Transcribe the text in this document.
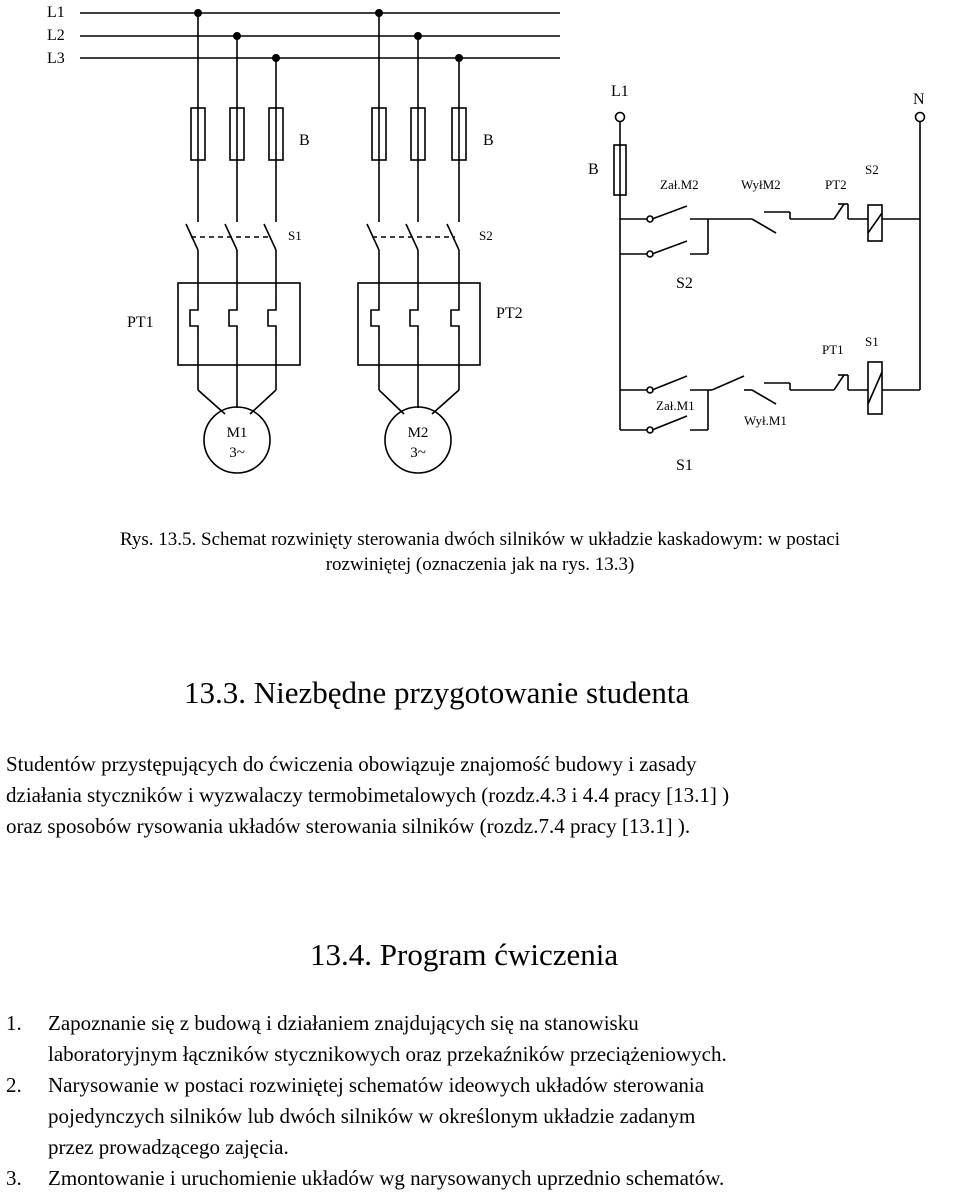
L1
L2
L3
B	B
S1	S2
PT1
PT2
M1
3~
M2
3~
L1	N
B
Zał.M2	WyłM2	PT2
S2
S2
PT1
S1
Zał.M1
Wył.M1
S1
Rys. 13.5. Schemat rozwinięty sterowania dwóch silników w układzie kaskadowym: w postaci
rozwiniętej (oznaczenia jak na rys. 13.3)
13.3. Niezbędne przygotowanie studenta
Studentów przystępujących do ćwiczenia obowiązuje znajomość budowy i zasady
działania styczników i wyzwalaczy termobimetalowych (rozdz.4.3 i 4.4 pracy [13.1] )
oraz sposobów rysowania układów sterowania silników (rozdz.7.4 pracy [13.1] ).
13.4. Program ćwiczenia
1. Zapoznanie się z budową i działaniem znajdujących się na stanowisku
laboratoryjnym łączników stycznikowych oraz przekaźników przeciążeniowych.
2. Narysowanie w postaci rozwiniętej schematów ideowych układów sterowania
pojedynczych silników lub dwóch silników w określonym układzie zadanym
przez prowadzącego zajęcia.
3. Zmontowanie i uruchomienie układów wg narysowanych uprzednio schematów.
